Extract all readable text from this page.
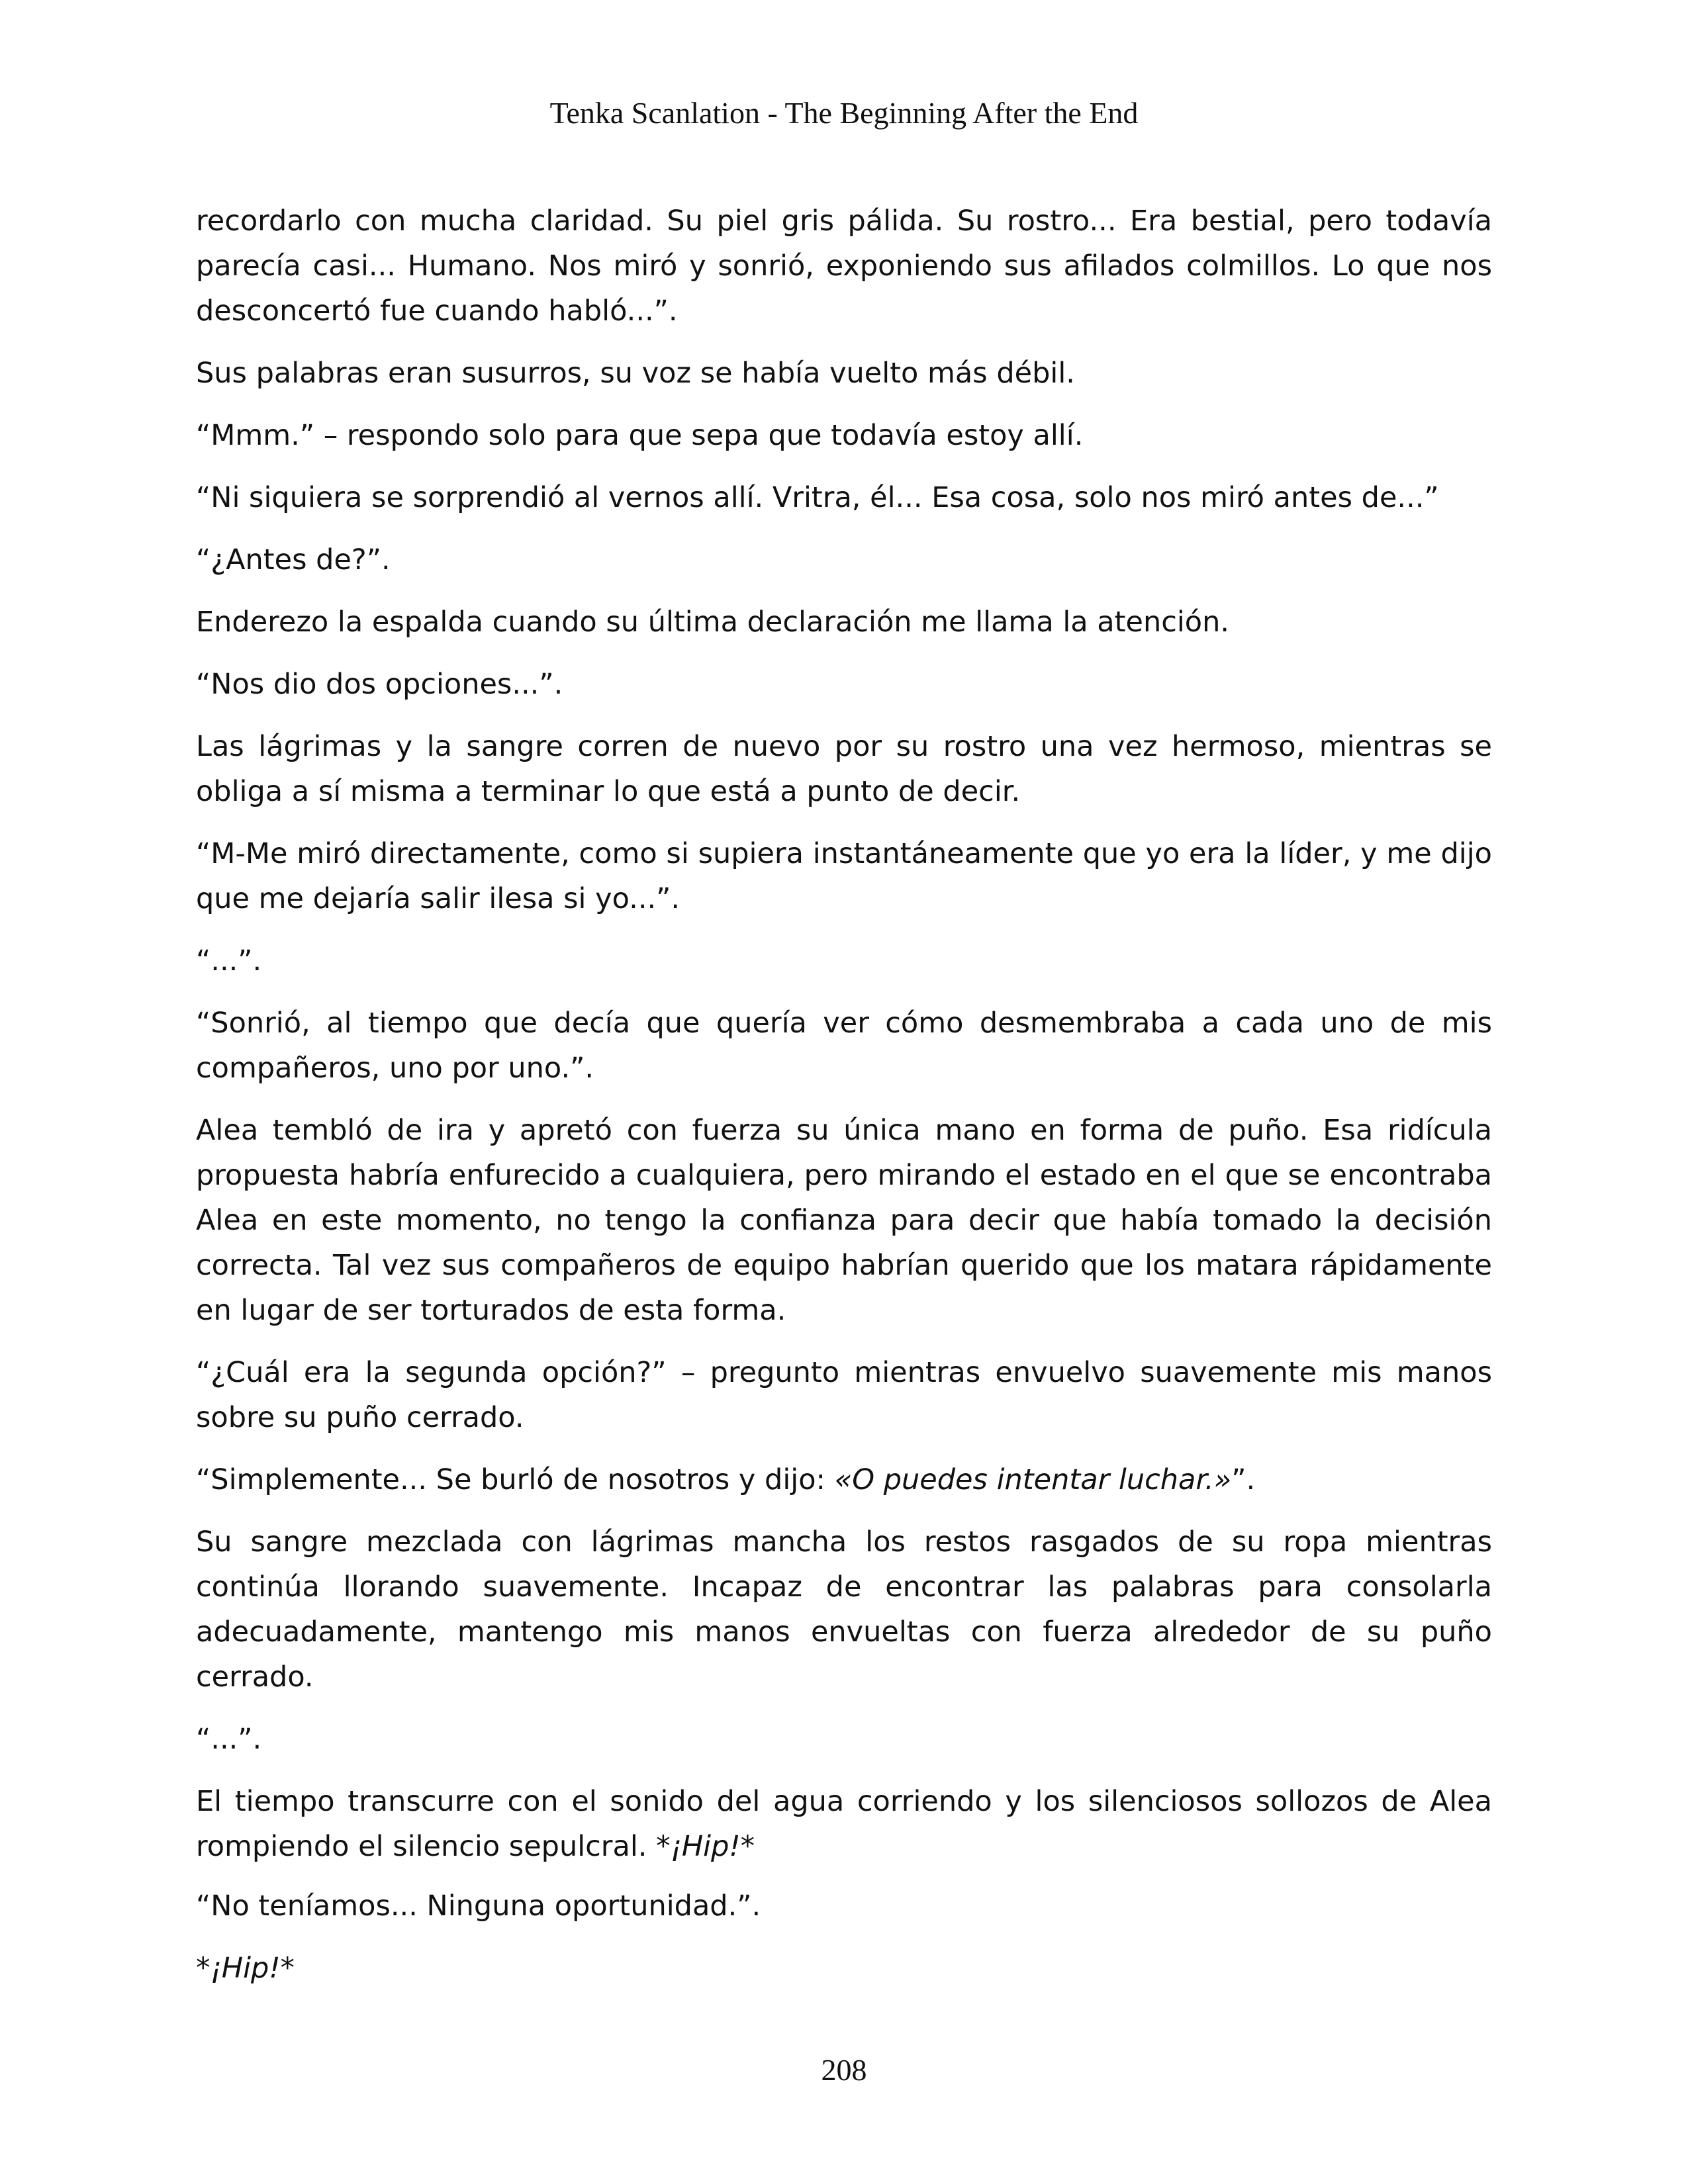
Tenka Scanlation - The Beginning After the End

recordarlo con mucha claridad. Su piel gris pálida. Su rostro... Era bestial, pero todavía parecía casi... Humano. Nos miró y sonrió, exponiendo sus afilados colmillos. Lo que nos desconcertó fue cuando habló...”.

Sus palabras eran susurros, su voz se había vuelto más débil.

“Mmm.” – respondo solo para que sepa que todavía estoy allí.

“Ni siquiera se sorprendió al vernos allí. Vritra, él... Esa cosa, solo nos miró antes de...”

“¿Antes de?”.

Enderezo la espalda cuando su última declaración me llama la atención.

“Nos dio dos opciones...”.

Las lágrimas y la sangre corren de nuevo por su rostro una vez hermoso, mientras se obliga a sí misma a terminar lo que está a punto de decir.

“M-Me miró directamente, como si supiera instantáneamente que yo era la líder, y me dijo que me dejaría salir ilesa si yo...”.

“...”.

“Sonrió, al tiempo que decía que quería ver cómo desmembraba a cada uno de mis compañeros, uno por uno.”.

Alea tembló de ira y apretó con fuerza su única mano en forma de puño. Esa ridícula propuesta habría enfurecido a cualquiera, pero mirando el estado en el que se encontraba Alea en este momento, no tengo la confianza para decir que había tomado la decisión correcta. Tal vez sus compañeros de equipo habrían querido que los matara rápidamente en lugar de ser torturados de esta forma.

“¿Cuál era la segunda opción?” – pregunto mientras envuelvo suavemente mis manos sobre su puño cerrado.

“Simplemente... Se burló de nosotros y dijo: «O puedes intentar luchar.»”.

Su sangre mezclada con lágrimas mancha los restos rasgados de su ropa mientras continúa llorando suavemente. Incapaz de encontrar las palabras para consolarla adecuadamente, mantengo mis manos envueltas con fuerza alrededor de su puño cerrado.

“...”.

El tiempo transcurre con el sonido del agua corriendo y los silenciosos sollozos de Alea rompiendo el silencio sepulcral. *¡Hip!*

“No teníamos... Ninguna oportunidad.”.

*¡Hip!*

208
